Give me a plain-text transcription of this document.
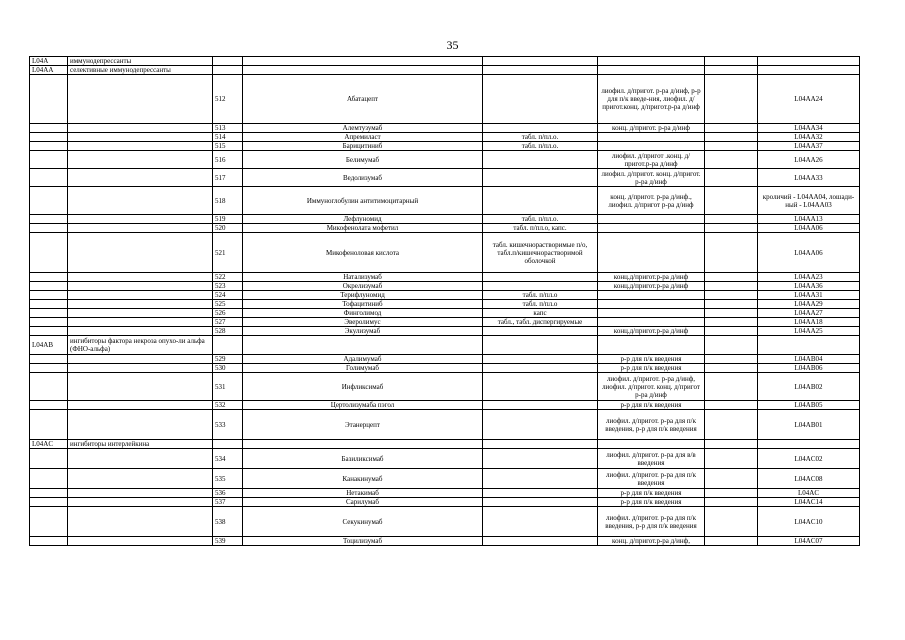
35
L04A	иммунодепрессанты						
L04AA	селективные иммунодепрессанты						
		512	Абатацепт		лиофил. д/пригот. р-ра д/инф, р-р для п/к введе-ния, лиофил. д/пригот.конц. д/пригот.р-ра д/инф		L04AA24
		513	Алемтузумаб		конц. д/пригот. р-ра д/инф		L04AA34
		514	Апремиласт	табл. п/пл.о.			L04AA32
		515	Барицитиниб	табл. п/пл.о.			L04AA37
		516	Белимумаб		лиофил. д/пригот .конц. д/пригот.р-ра д/инф		L04AA26
		517	Ведолизумаб		лиофил. д/пригот. конц. д/пригот. р-ра д/инф		L04AA33
		518	Иммуноглобулин антитимоцитарный		конц. д/пригот. р-ра д/инф., лиофил. д/пригот р-ра д/инф		кроличий - L04AA04, лошади-ный - L04AA03
		519	Лефлуномид	табл. п/пл.о.			L04AA13
		520	Микофенолата мофетил	табл. п/пл.о, капс.			L04AA06
		521	Микофеноловая кислота	табл. кишечнорастворимые п/о, табл.п/кишечнорастворимой оболочкой			L04AA06
		522	Натализумаб		конц.д/пригот.р-ра д/инф		L04AA23
		523	Окрелизумаб		конц.д/пригот.р-ра д/инф		L04AA36
		524	Терифлуномид	табл. п/пл.о			L04AA31
		525	Тофацитиниб	табл. п/пл.о			L04AA29
		526	Финголимод	капс			L04AA27
		527	Эверолимус	табл., табл. диспергируемые			L04AA18
		528	Экулизумаб		конц.д/пригот.р-ра д/инф		L04AA25
L04AB	ингибиторы фактора некроза опухо-ли альфа (ФНО-альфа)						
		529	Адалимумаб		р-р для п/к введения		L04AB04
		530	Голимумаб		р-р для п/к введения		L04AB06
		531	Инфликсимаб		лиофил. д/пригот. р-ра д/инф, лиофил. д/пригот. конц. д/пригот р-ра д/инф		L04AB02
		532	Цертолизумаба пэгол		р-р для п/к введения		L04AB05
		533	Этанерцепт		лиофил. д/пригот. р-ра для п/к введения, р-р для п/к введения		L04AB01
L04AC	ингибиторы интерлейкина						
		534	Базиликсимаб		лиофил. д/пригот. р-ра для в/в введения		L04AC02
		535	Канакинумаб		лиофил. д/пригот. р-ра для п/к введения		L04AC08
		536	Нетакимаб		р-р для п/к введения		L04AC
		537	Сарилумаб		р-р для п/к введения		L04AC14
		538	Секукинумаб		лиофил. д/пригот. р-ра для п/к введения, р-р для п/к введения		L04AC10
		539	Тоцилизумаб		конц. д/пригот.р-ра д/инф,		L04AC07
